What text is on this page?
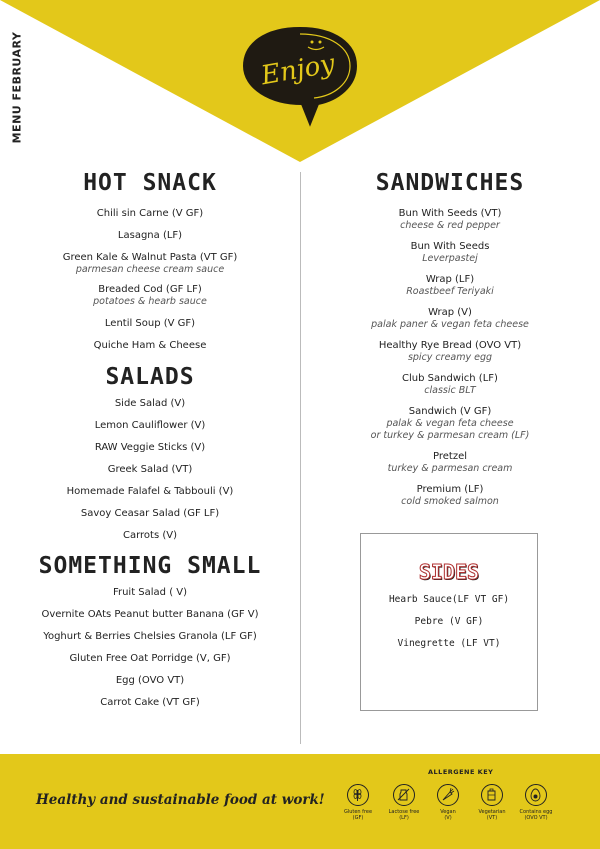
MENU FEBRUARY	Enjoy
HOT SNACK
Chili sin Carne (V GF)
Lasagna (LF)
Green Kale & Walnut Pasta (VT GF)
parmesan cheese cream sauce
Breaded Cod (GF LF)
potatoes & hearb sauce
Lentil Soup (V GF)
Quiche Ham & Cheese
SALADS
Side Salad (V)
Lemon Cauliflower (V)
RAW Veggie Sticks (V)
Greek Salad (VT)
Homemade Falafel & Tabbouli (V)
Savoy Ceasar Salad (GF LF)
Carrots (V)
SOMETHING SMALL
Fruit Salad ( V)
Overnite OAts Peanut butter Banana (GF V)
Yoghurt & Berries Chelsies Granola (LF GF)
Gluten Free Oat Porridge (V, GF)
Egg (OVO VT)
Carrot Cake (VT GF)
SANDWICHES
Bun With Seeds (VT)
cheese & red pepper
Bun With Seeds
Leverpastej
Wrap (LF)
Roastbeef Teriyaki
Wrap (V)
palak paner & vegan feta cheese
Healthy Rye Bread (OVO VT)
spicy creamy egg
Club Sandwich (LF)
classic BLT
Sandwich (V GF)
palak & vegan feta cheese
or turkey & parmesan cream (LF)
Pretzel
turkey & parmesan cream
Premium (LF)
cold smoked salmon
SIDES
Hearb Sauce(LF VT GF)
Pebre (V GF)
Vinegrette (LF VT)
Healthy and sustainable food at work!
ALLERGENE KEY
Gluten free
(GF)
Lactose free
(LF)
Vegan
(V)
Vegetarian
(VT)
Contains egg
(OVO VT)
